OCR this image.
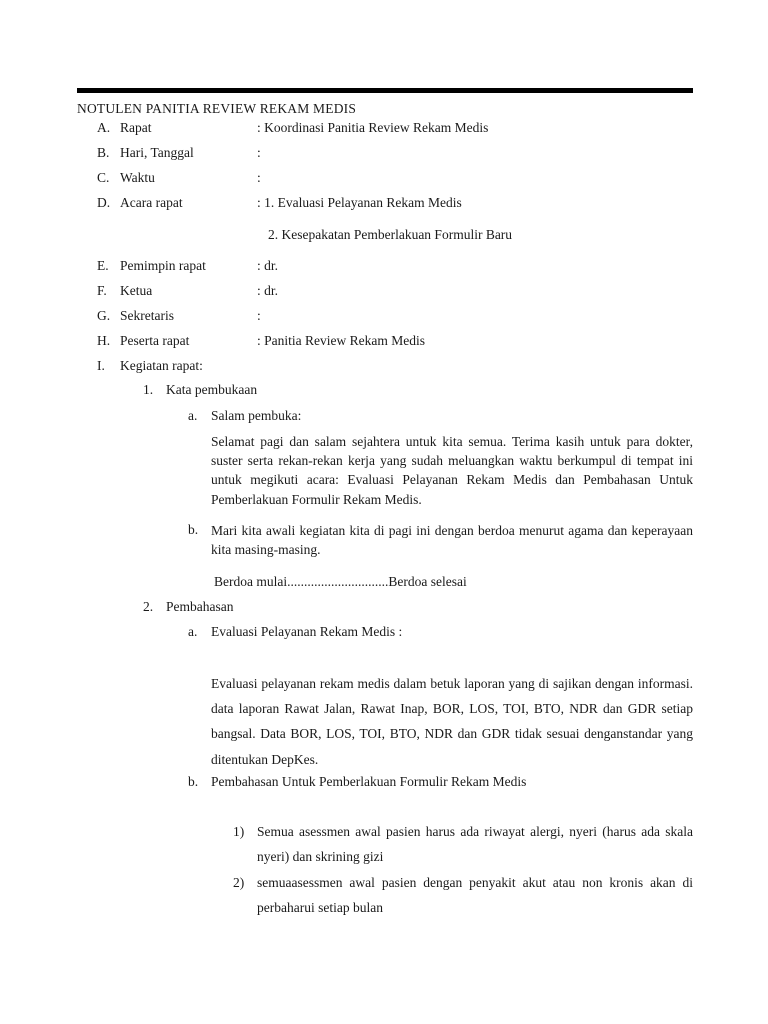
NOTULEN PANITIA REVIEW REKAM MEDIS
A. Rapat	: Koordinasi Panitia Review Rekam Medis
B. Hari, Tanggal	:
C. Waktu	:
D. Acara rapat	: 1. Evaluasi Pelayanan Rekam Medis
2. Kesepakatan Pemberlakuan Formulir Baru
E. Pemimpin rapat	: dr.
F. Ketua	: dr.
G. Sekretaris	:
H. Peserta rapat	: Panitia Review Rekam Medis
I. Kegiatan rapat:
1. Kata pembukaan
a. Salam pembuka:
Selamat pagi dan salam sejahtera untuk kita semua. Terima kasih untuk para dokter, suster serta rekan-rekan kerja yang sudah meluangkan waktu berkumpul di tempat ini untuk megikuti acara: Evaluasi Pelayanan Rekam Medis dan Pembahasan Untuk Pemberlakuan Formulir Rekam Medis.
b. Mari kita awali kegiatan kita di pagi ini dengan berdoa menurut agama dan keperayaan kita masing-masing.
Berdoa mulai..............................Berdoa selesai
2. Pembahasan
a. Evaluasi Pelayanan Rekam Medis :
Evaluasi pelayanan rekam medis dalam betuk laporan yang di sajikan dengan informasi. data laporan Rawat Jalan, Rawat Inap, BOR, LOS, TOI, BTO, NDR dan GDR setiap bangsal. Data BOR, LOS, TOI, BTO, NDR dan GDR tidak sesuai denganstandar yang ditentukan DepKes.
b. Pembahasan Untuk Pemberlakuan Formulir Rekam Medis
1) Semua asessmen awal pasien harus ada riwayat alergi, nyeri (harus ada skala nyeri) dan skrining gizi
2) semuaasessmen awal pasien dengan penyakit akut atau non kronis akan di perbaharui setiap bulan
